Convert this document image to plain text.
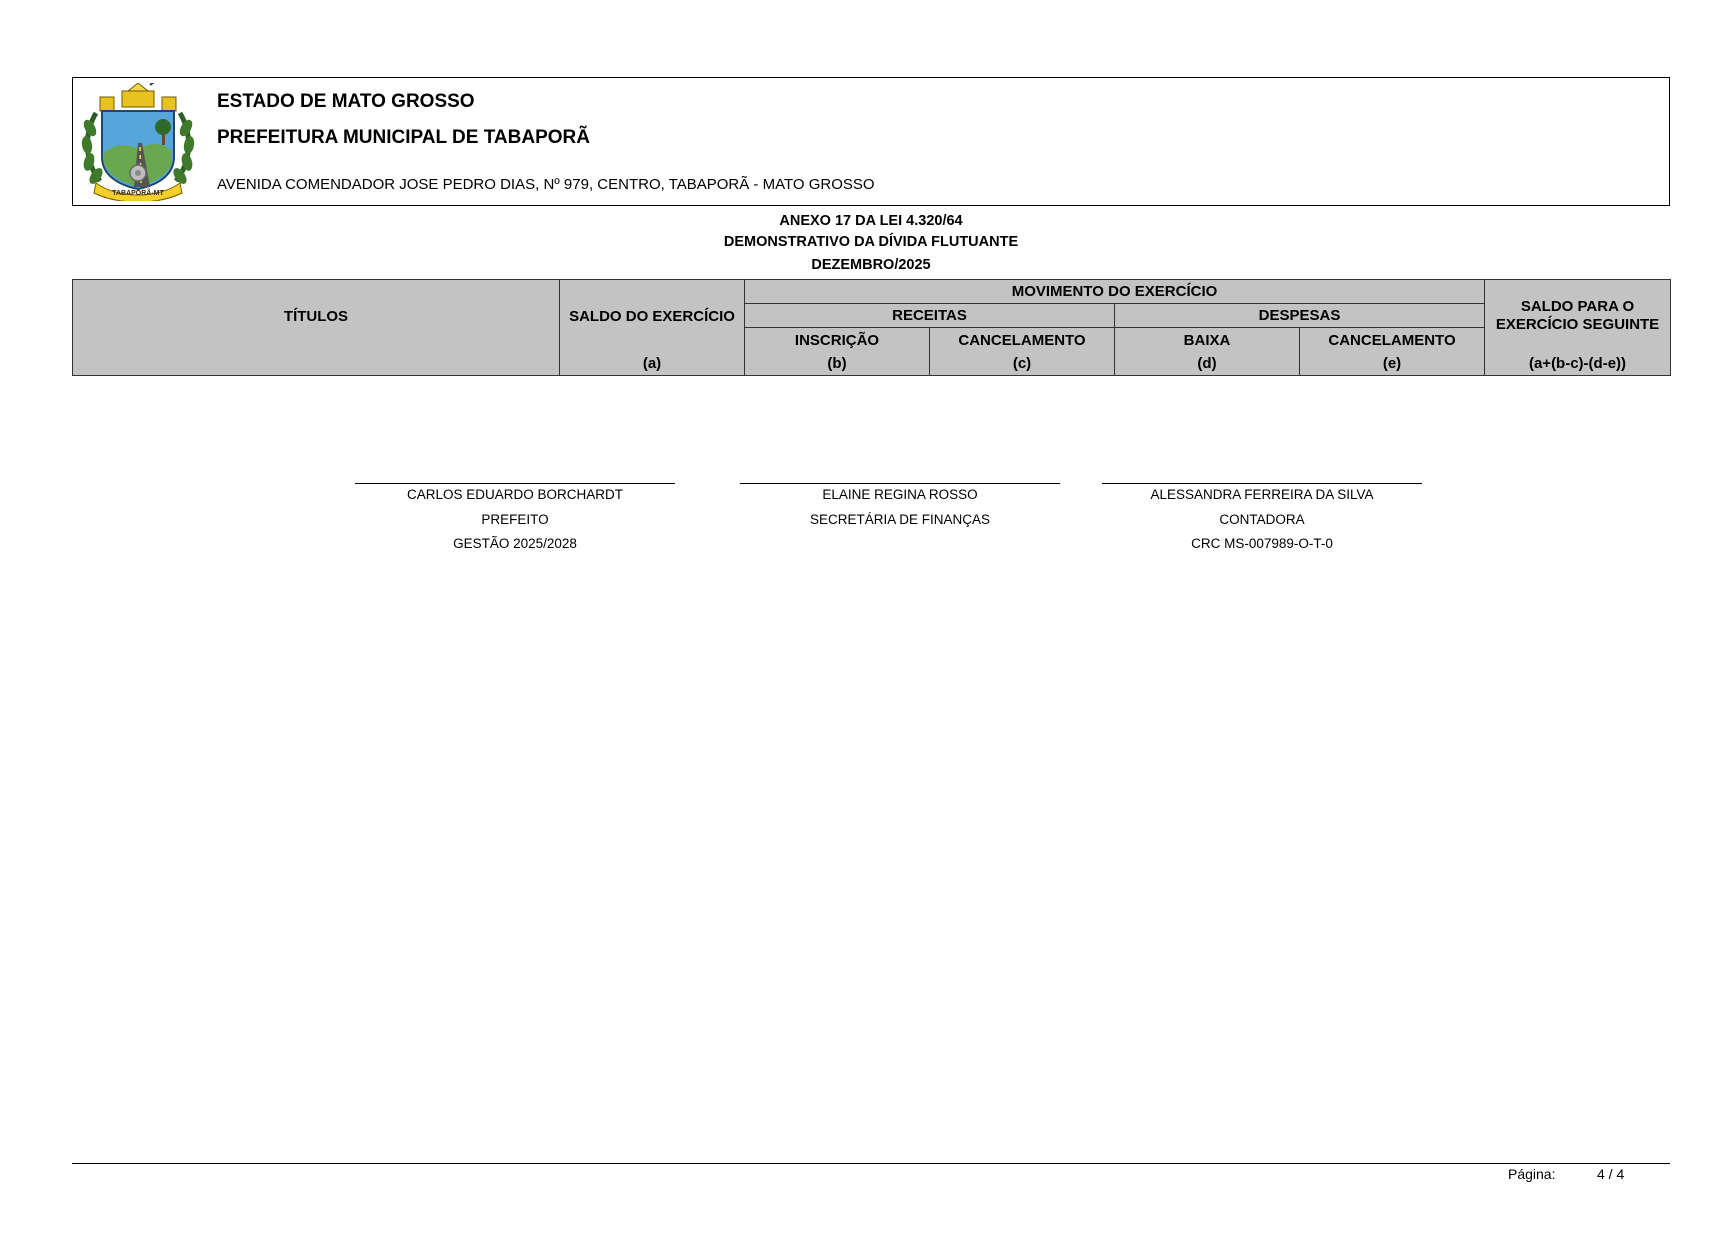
TABAPORÃ-MT
ESTADO DE MATO GROSSO
PREFEITURA MUNICIPAL DE TABAPORÃ
AVENIDA COMENDADOR JOSE PEDRO DIAS, Nº 979, CENTRO, TABAPORÃ - MATO GROSSO
ANEXO 17 DA LEI 4.320/64
DEMONSTRATIVO DA DÍVIDA FLUTUANTE
DEZEMBRO/2025
TÍTULOS	SALDO DO EXERCÍCIO	MOVIMENTO DO EXERCÍCIO				SALDO PARA O
EXERCÍCIO SEGUINTE
		RECEITAS		DESPESAS		
		INSCRIÇÃO	CANCELAMENTO	BAIXA	CANCELAMENTO	
	(a)	(b)	(c)	(d)	(e)	(a+(b-c)-(d-e))
CARLOS EDUARDO BORCHARDT
PREFEITO
GESTÃO 2025/2028
ELAINE REGINA ROSSO
SECRETÁRIA DE FINANÇAS
ALESSANDRA FERREIRA DA SILVA
CONTADORA
CRC MS-007989-O-T-0
Página:	4 / 4
